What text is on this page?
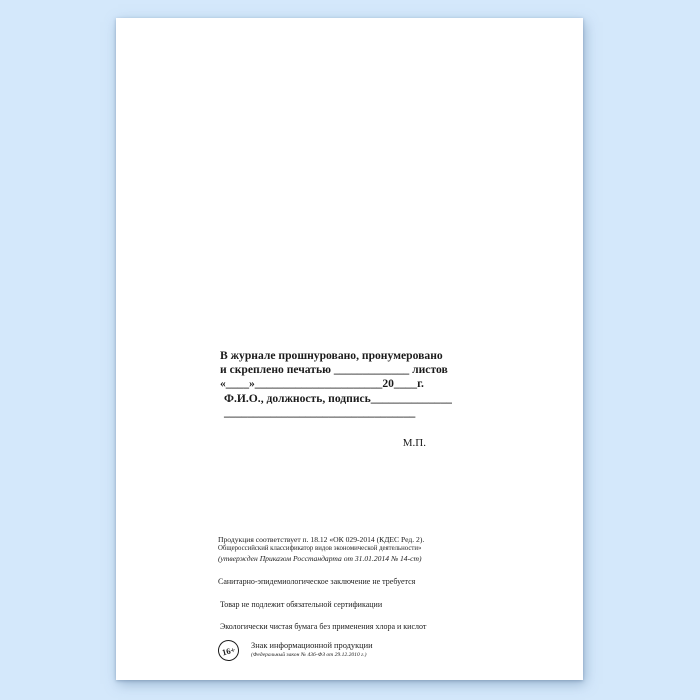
В журнале прошнуровано, пронумеровано
и скреплено печатью _____________ листов
«____»______________________20____г.
Ф.И.О., должность, подпись______________
_________________________________
М.П.
Продукция соответствует п. 18.12 «ОК 029-2014 (КДЕС Ред. 2).
Общероссийский классификатор видов экономической деятельности»
(утвержден Приказом Росстандарта от 31.01.2014 № 14-ст)
Санитарно-эпидемиологическое заключение не требуется
Товар не подлежит обязательной сертификации
Экологически чистая бумага без применения хлора и кислот
16+	Знак информационной продукции
(Федеральный закон № 436-ФЗ от 29.12.2010 г.)
